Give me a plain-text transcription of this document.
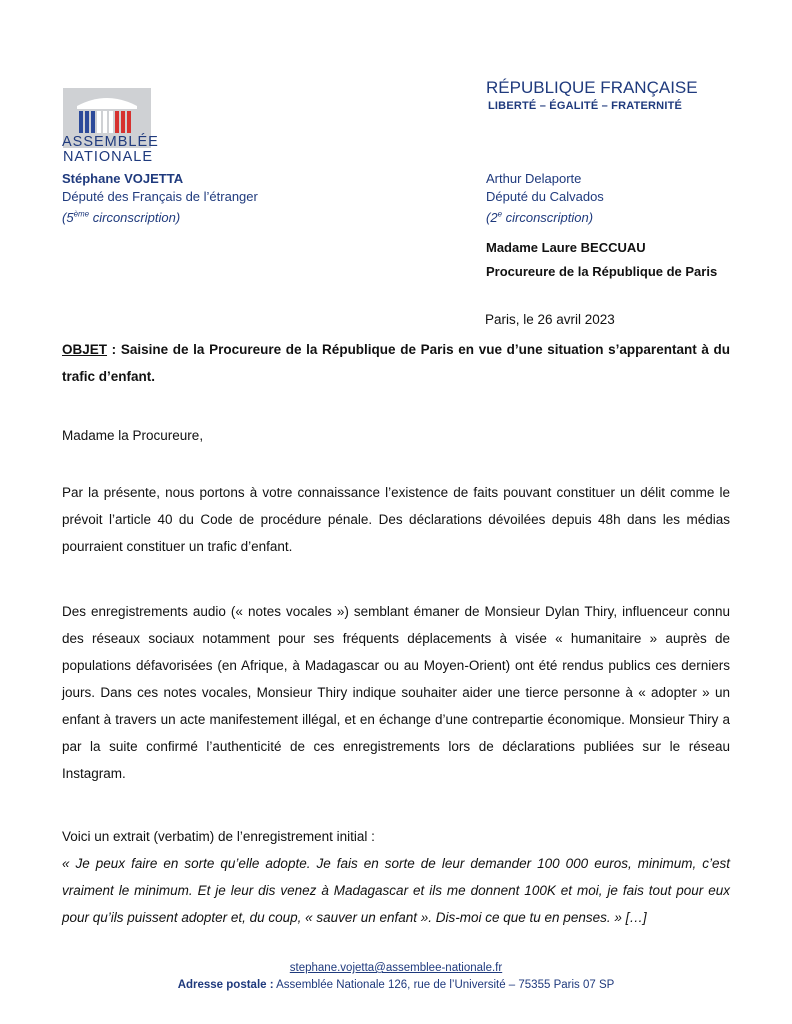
ASSEMBLÉE
NATIONALE
RÉPUBLIQUE FRANÇAISE
LIBERTÉ – ÉGALITÉ – FRATERNITÉ
Stéphane VOJETTA
Député des Français de l’étranger
(5ème circonscription)
Arthur Delaporte
Député du Calvados
(2e circonscription)
Madame Laure BECCUAU
Procureure de la République de Paris
Paris, le 26 avril 2023
OBJET : Saisine de la Procureure de la République de Paris en vue d’une situation s’apparentant à du trafic d’enfant.
Madame la Procureure,
Par la présente, nous portons à votre connaissance l’existence de faits pouvant constituer un délit comme le prévoit l’article 40 du Code de procédure pénale. Des déclarations dévoilées depuis 48h dans les médias pourraient constituer un trafic d’enfant.
Des enregistrements audio (« notes vocales ») semblant émaner de Monsieur Dylan Thiry, influenceur connu des réseaux sociaux notamment pour ses fréquents déplacements à visée « humanitaire » auprès de populations défavorisées (en Afrique, à Madagascar ou au Moyen-Orient) ont été rendus publics ces derniers jours. Dans ces notes vocales, Monsieur Thiry indique souhaiter aider une tierce personne à « adopter » un enfant à travers un acte manifestement illégal, et en échange d’une contrepartie économique. Monsieur Thiry a par la suite confirmé l’authenticité de ces enregistrements lors de déclarations publiées sur le réseau Instagram.
Voici un extrait (verbatim) de l’enregistrement initial :
« Je peux faire en sorte qu’elle adopte. Je fais en sorte de leur demander 100 000 euros, minimum, c’est vraiment le minimum. Et je leur dis venez à Madagascar et ils me donnent 100K et moi, je fais tout pour eux pour qu’ils puissent adopter et, du coup, « sauver un enfant ». Dis-moi ce que tu en penses. » […]
stephane.vojetta@assemblee-nationale.fr
Adresse postale : Assemblée Nationale 126, rue de l’Université – 75355 Paris 07 SP
